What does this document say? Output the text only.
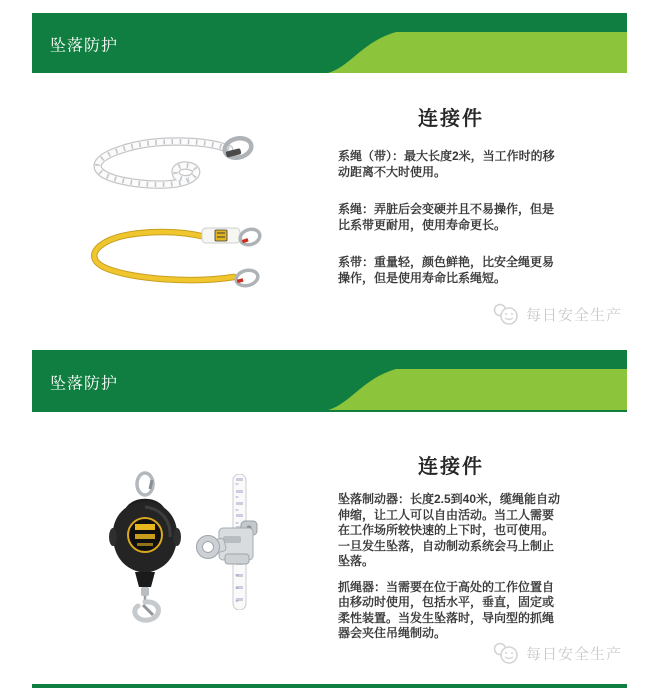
坠落防护
连接件

系绳（带）：最大长度2米，当工作时的移动距离不大时使用。

系绳：弄脏后会变硬并且不易操作，但是比系带更耐用，使用寿命更长。

系带：重量轻，颜色鲜艳，比安全绳更易操作，但是使用寿命比系绳短。

每日安全生产
坠落防护
连接件

坠落制动器：长度2.5到40米，缆绳能自动伸缩，让工人可以自由活动。当工人需要在工作场所较快速的上下时，也可使用。一旦发生坠落，自动制动系统会马上制止坠落。

抓绳器：当需要在位于高处的工作位置自由移动时使用，包括水平，垂直，固定或柔性装置。当发生坠落时，导向型的抓绳器会夹住吊绳制动。

每日安全生产
